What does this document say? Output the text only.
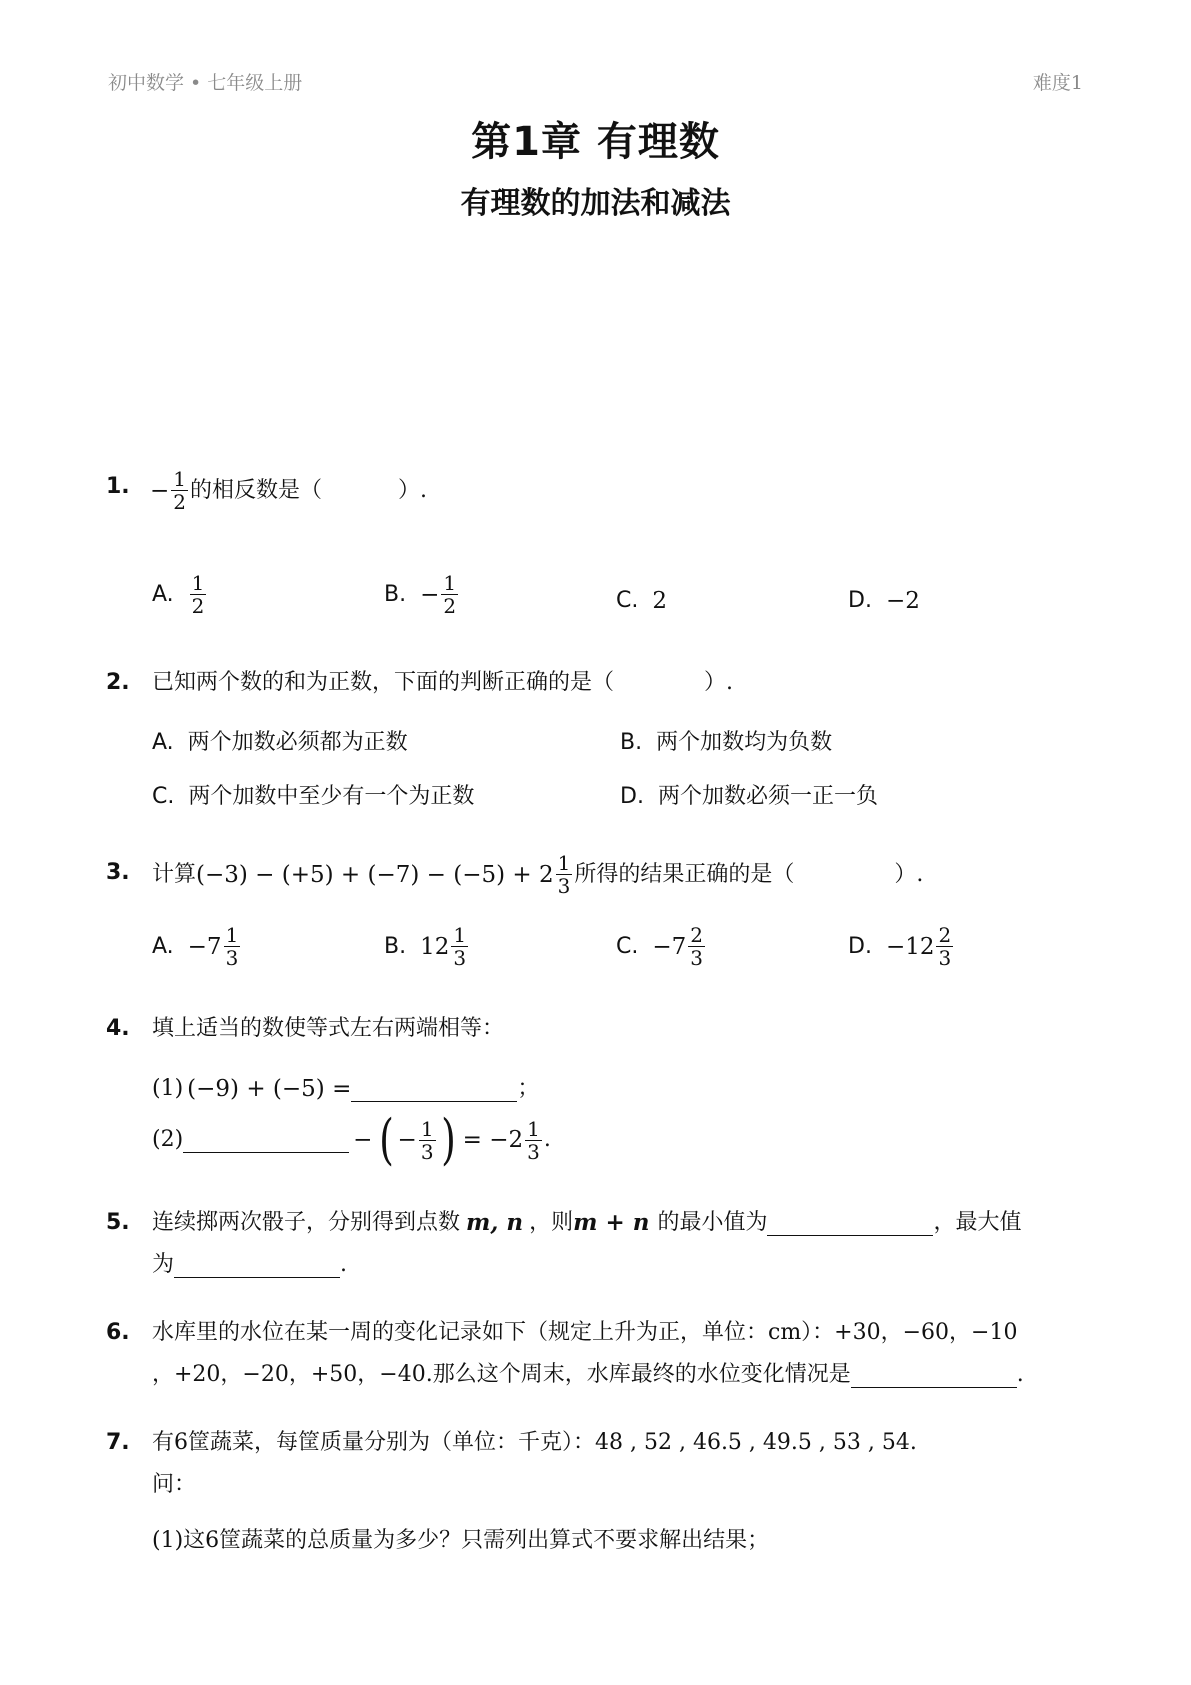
初中数学 • 七年级上册	难度1
第1章 有理数
有理数的加法和减法
1. − $\frac{1}{2}$ 的相反数是（	）.
A. $\frac{1}{2}$	B. − $\frac{1}{2}$	C. 2	D. −2
2. 已知两个数的和为正数，下面的判断正确的是（	）.
A. 两个加数必须都为正数	B. 两个加数均为负数
C. 两个加数中至少有一个为正数	D. 两个加数必须一正一负
3. 计算 $(-3) - (+5) + (-7) - (-5) + 2 \frac{1}{3}$ 所得的结果正确的是（	）.
A. $-7 \frac{1}{3}$	B. $12 \frac{1}{3}$	C. $-7 \frac{2}{3}$	D. $-12 \frac{2}{3}$
4. 填上适当的数使等式左右两端相等：
(1) (−9) + (−5) =	；
(2)	− ( − $\frac{1}{3}$ ) = $-2 \frac{1}{3}$ .
5. 连续掷两次骰子，分别得到点数 m, n ，则 m + n 的最小值为	，最大值
为	.
6. 水库里的水位在某一周的变化记录如下（规定上升为正，单位：cm）：+30，−60，−10
，+20，−20，+50，−40.那么这个周末，水库最终的水位变化情况是	.
7. 有6筐蔬菜，每筐质量分别为（单位：千克）：48 , 52 , 46.5 , 49.5 , 53 , 54.
问：
(1)这6筐蔬菜的总质量为多少？只需列出算式不要求解出结果；
